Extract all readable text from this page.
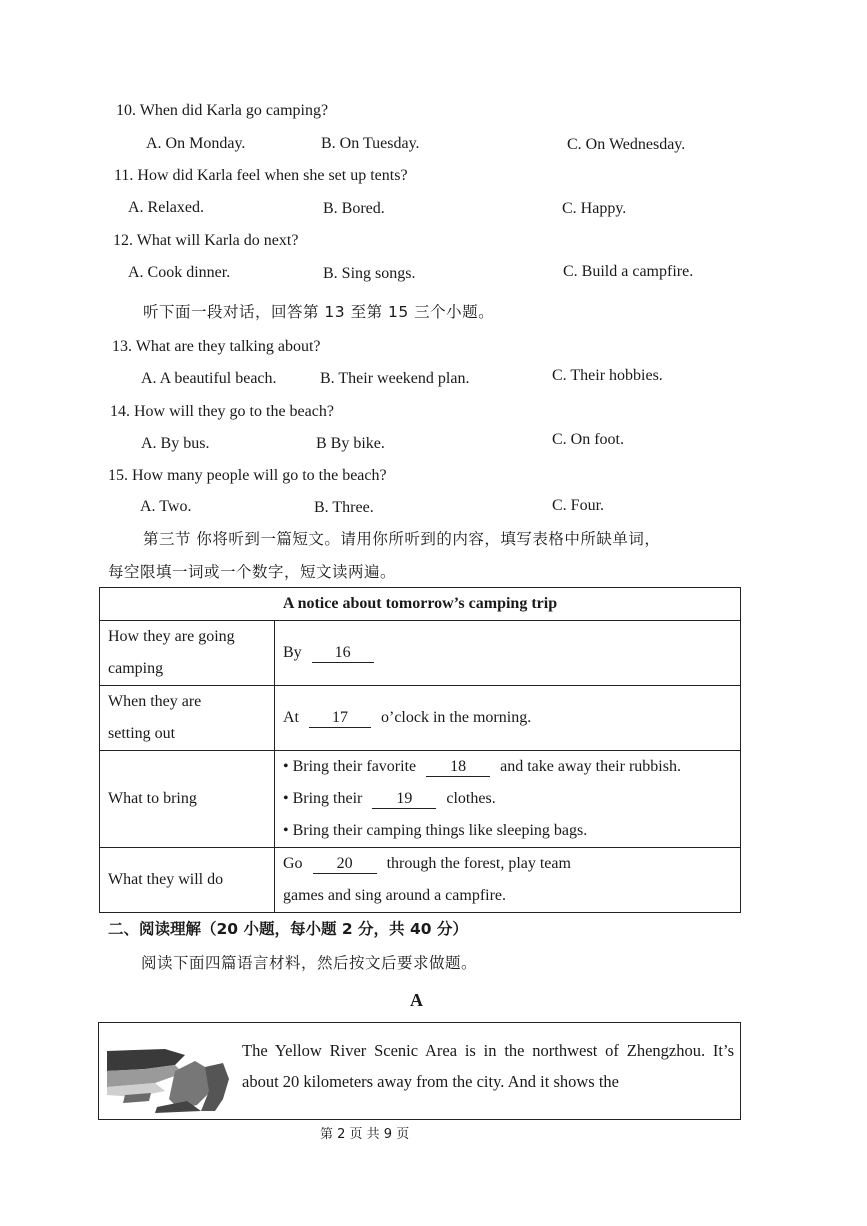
10. When did Karla go camping?
A. On Monday.	B. On Tuesday.	C. On Wednesday.
11. How did Karla feel when she set up tents?
A. Relaxed.	B. Bored.	C. Happy.
12. What will Karla do next?
A. Cook dinner.	B. Sing songs.	C. Build a campfire.
听下面一段对话，回答第 13 至第 15 三个小题。
13. What are they talking about?
A. A beautiful beach.	B. Their weekend plan.	C. Their hobbies.
14. How will they go to the beach?
A. By bus.	B By bike.	C. On foot.
15. How many people will go to the beach?
A. Two.	B. Three.	C. Four.
第三节 你将听到一篇短文。请用你所听到的内容，填写表格中所缺单词，
每空限填一词或一个数字，短文读两遍。
A notice about tomorrow’s camping trip	
How they are going
camping	By 16
When they are
setting out	At 17 o’clock in the morning.
What to bring	• Bring their favorite 18 and take away their rubbish.
• Bring their 19 clothes.
• Bring their camping things like sleeping bags.
What they will do	Go 20 through the forest, play team
games and sing around a campfire.
二、阅读理解（20 小题，每小题 2 分，共 40 分）
阅读下面四篇语言材料，然后按文后要求做题。
A
The Yellow River Scenic Area is in the northwest of Zhengzhou. It’s about 20 kilometers away from the city. And it shows the
第 2 页 共 9 页
